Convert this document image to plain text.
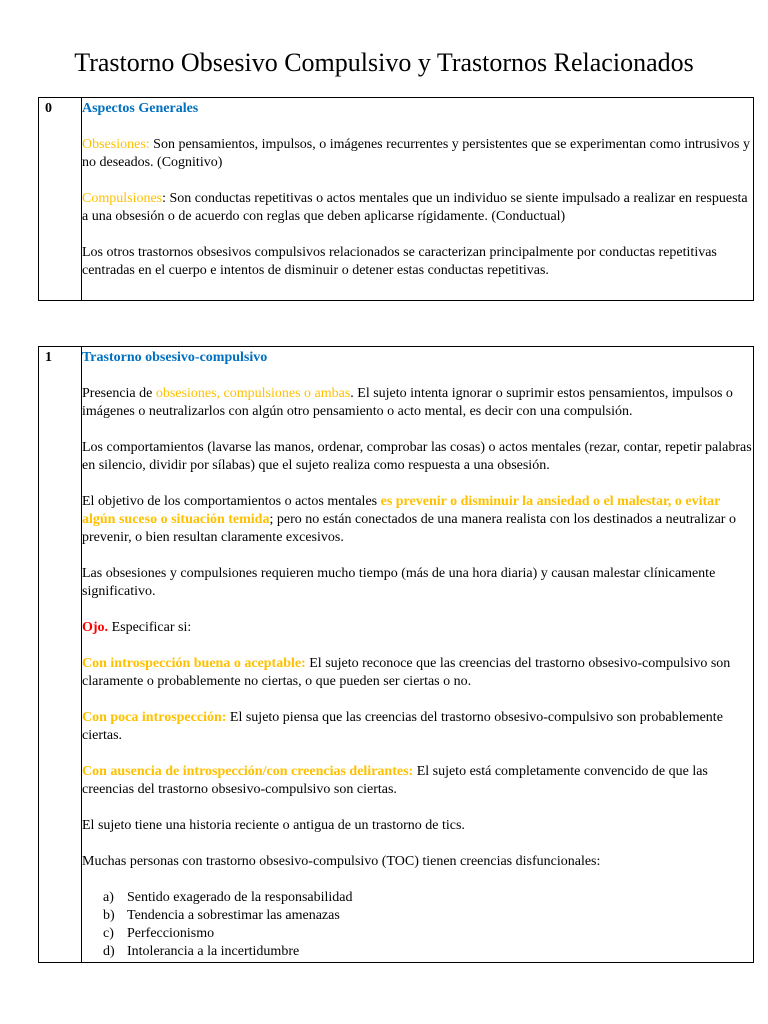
Trastorno Obsesivo Compulsivo y Trastornos Relacionados
0	Aspectos Generales

Obsesiones: Son pensamientos, impulsos, o imágenes recurrentes y persistentes que se experimentan como intrusivos y no deseados. (Cognitivo)

Compulsiones: Son conductas repetitivas o actos mentales que un individuo se siente impulsado a realizar en respuesta a una obsesión o de acuerdo con reglas que deben aplicarse rígidamente. (Conductual)

Los otros trastornos obsesivos compulsivos relacionados se caracterizan principalmente por conductas repetitivas centradas en el cuerpo e intentos de disminuir o detener estas conductas repetitivas.

1	Trastorno obsesivo-compulsivo

Presencia de obsesiones, compulsiones o ambas. El sujeto intenta ignorar o suprimir estos pensamientos, impulsos o imágenes o neutralizarlos con algún otro pensamiento o acto mental, es decir con una compulsión.

Los comportamientos (lavarse las manos, ordenar, comprobar las cosas) o actos mentales (rezar, contar, repetir palabras en silencio, dividir por sílabas) que el sujeto realiza como respuesta a una obsesión.

El objetivo de los comportamientos o actos mentales es prevenir o disminuir la ansiedad o el malestar, o evitar algún suceso o situación temida; pero no están conectados de una manera realista con los destinados a neutralizar o prevenir, o bien resultan claramente excesivos.

Las obsesiones y compulsiones requieren mucho tiempo (más de una hora diaria) y causan malestar clínicamente significativo.

Ojo. Especificar si:

Con introspección buena o aceptable: El sujeto reconoce que las creencias del trastorno obsesivo-compulsivo son claramente o probablemente no ciertas, o que pueden ser ciertas o no.

Con poca introspección: El sujeto piensa que las creencias del trastorno obsesivo-compulsivo son probablemente ciertas.

Con ausencia de introspección/con creencias delirantes: El sujeto está completamente convencido de que las creencias del trastorno obsesivo-compulsivo son ciertas.

El sujeto tiene una historia reciente o antigua de un trastorno de tics.

Muchas personas con trastorno obsesivo-compulsivo (TOC) tienen creencias disfuncionales:

a) Sentido exagerado de la responsabilidad
b) Tendencia a sobrestimar las amenazas
c) Perfeccionismo
d) Intolerancia a la incertidumbre
